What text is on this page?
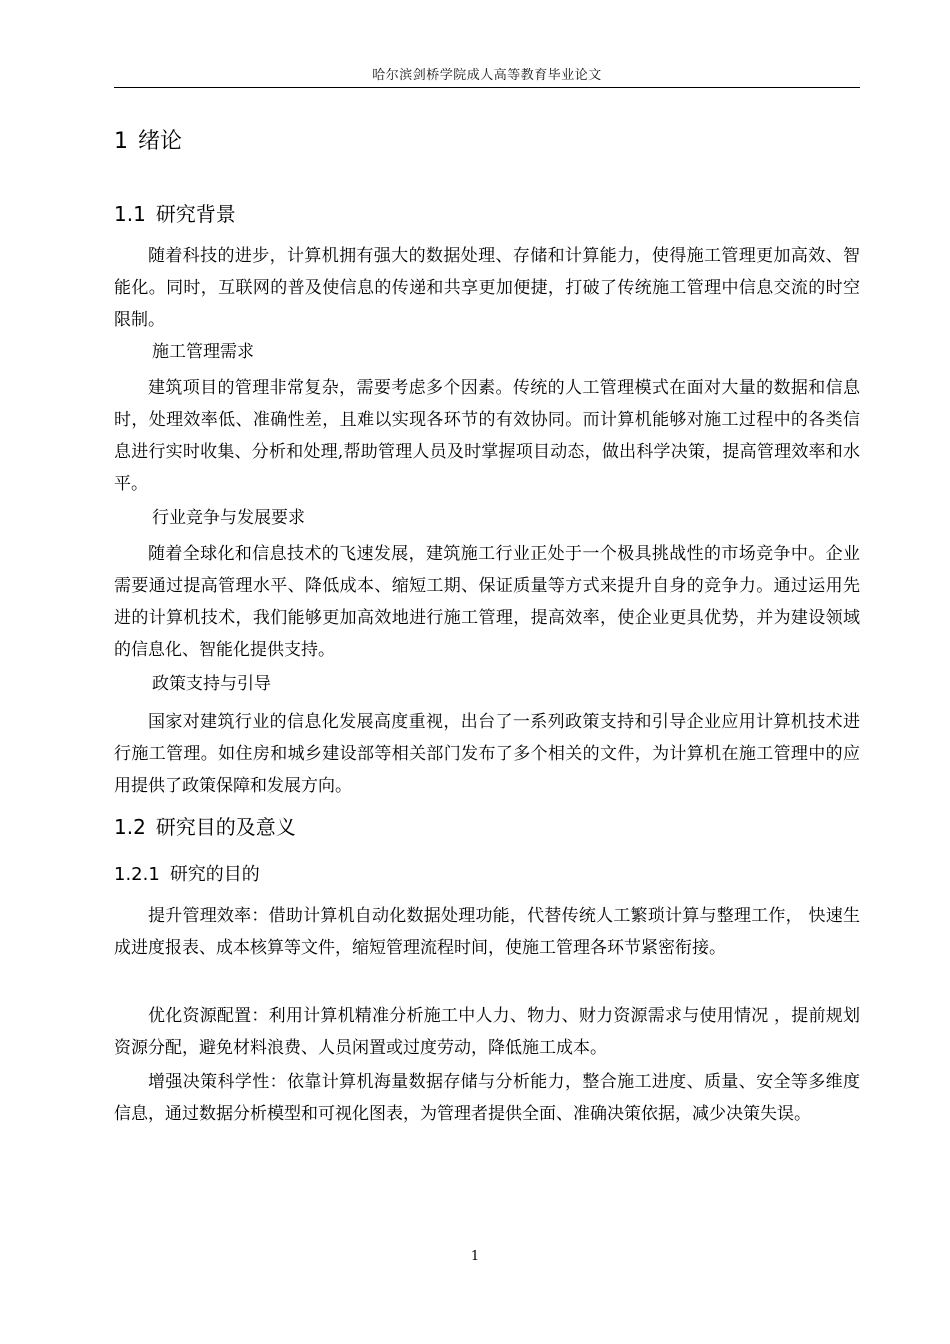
哈尔滨剑桥学院成人高等教育毕业论文
1 绪论
1.1 研究背景

随着科技的进步，计算机拥有强大的数据处理、存储和计算能力，使得施工管理更加高效、智能化。同时，互联网的普及使信息的传递和共享更加便捷，打破了传统施工管理中信息交流的时空限制。

施工管理需求

建筑项目的管理非常复杂，需要考虑多个因素。传统的人工管理模式在面对大量的数据和信息时，处理效率低、准确性差，且难以实现各环节的有效协同。而计算机能够对施工过程中的各类信息进行实时收集、分析和处理,帮助管理人员及时掌握项目动态，做出科学决策，提高管理效率和水平。

行业竞争与发展要求

随着全球化和信息技术的飞速发展，建筑施工行业正处于一个极具挑战性的市场竞争中。企业需要通过提高管理水平、降低成本、缩短工期、保证质量等方式来提升自身的竞争力。通过运用先进的计算机技术，我们能够更加高效地进行施工管理，提高效率，使企业更具优势，并为建设领域的信息化、智能化提供支持。

政策支持与引导

国家对建筑行业的信息化发展高度重视，出台了一系列政策支持和引导企业应用计算机技术进行施工管理。如住房和城乡建设部等相关部门发布了多个相关的文件，为计算机在施工管理中的应用提供了政策保障和发展方向。

1.2 研究目的及意义
1.2.1 研究的目的

提升管理效率：借助计算机自动化数据处理功能，代替传统人工繁琐计算与整理工作， 快速生成进度报表、成本核算等文件，缩短管理流程时间，使施工管理各环节紧密衔接。

优化资源配置：利用计算机精准分析施工中人力、物力、财力资源需求与使用情况 ，提前规划资源分配，避免材料浪费、人员闲置或过度劳动，降低施工成本。

增强决策科学性：依靠计算机海量数据存储与分析能力，整合施工进度、质量、安全等多维度信息，通过数据分析模型和可视化图表，为管理者提供全面、准确决策依据，减少决策失误。

1
